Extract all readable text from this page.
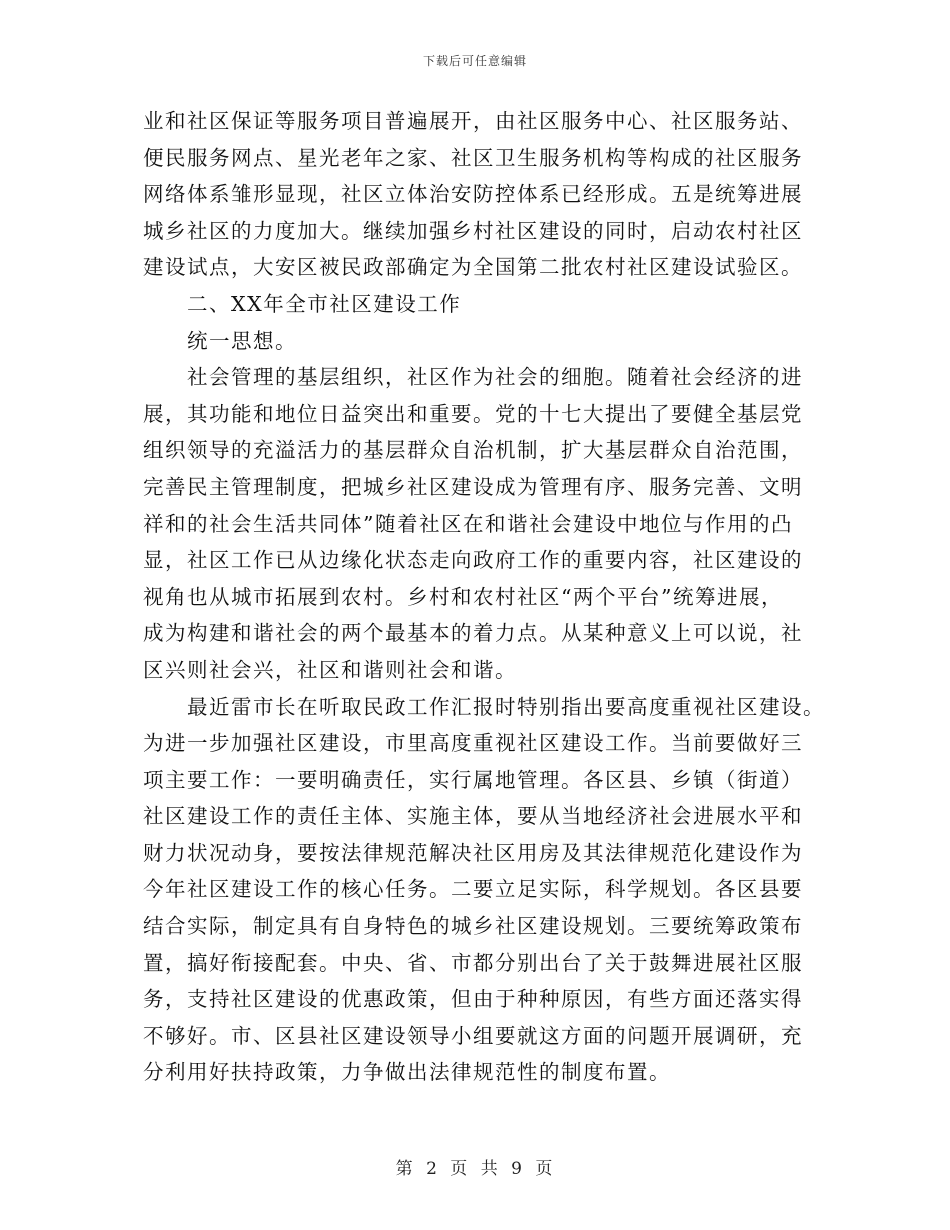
下载后可任意编辑
业和社区保证等服务项目普遍展开，由社区服务中心、社区服务站、
便民服务网点、星光老年之家、社区卫生服务机构等构成的社区服务
网络体系雏形显现，社区立体治安防控体系已经形成。五是统筹进展
城乡社区的力度加大。继续加强乡村社区建设的同时，启动农村社区
建设试点，大安区被民政部确定为全国第二批农村社区建设试验区。
二、XX年全市社区建设工作
统一思想。
社会管理的基层组织，社区作为社会的细胞。随着社会经济的进
展，其功能和地位日益突出和重要。党的十七大提出了要健全基层党
组织领导的充溢活力的基层群众自治机制，扩大基层群众自治范围，
完善民主管理制度，把城乡社区建设成为管理有序、服务完善、文明
祥和的社会生活共同体”随着社区在和谐社会建设中地位与作用的凸
显，社区工作已从边缘化状态走向政府工作的重要内容，社区建设的
视角也从城市拓展到农村。乡村和农村社区“两个平台”统筹进展，
成为构建和谐社会的两个最基本的着力点。从某种意义上可以说，社
区兴则社会兴，社区和谐则社会和谐。
最近雷市长在听取民政工作汇报时特别指出要高度重视社区建设。
为进一步加强社区建设，市里高度重视社区建设工作。当前要做好三
项主要工作：一要明确责任，实行属地管理。各区县、乡镇（街道）
社区建设工作的责任主体、实施主体，要从当地经济社会进展水平和
财力状况动身，要按法律规范解决社区用房及其法律规范化建设作为
今年社区建设工作的核心任务。二要立足实际，科学规划。各区县要
结合实际，制定具有自身特色的城乡社区建设规划。三要统筹政策布
置，搞好衔接配套。中央、省、市都分别出台了关于鼓舞进展社区服
务，支持社区建设的优惠政策，但由于种种原因，有些方面还落实得
不够好。市、区县社区建设领导小组要就这方面的问题开展调研，充
分利用好扶持政策，力争做出法律规范性的制度布置。
第 2 页 共 9 页
